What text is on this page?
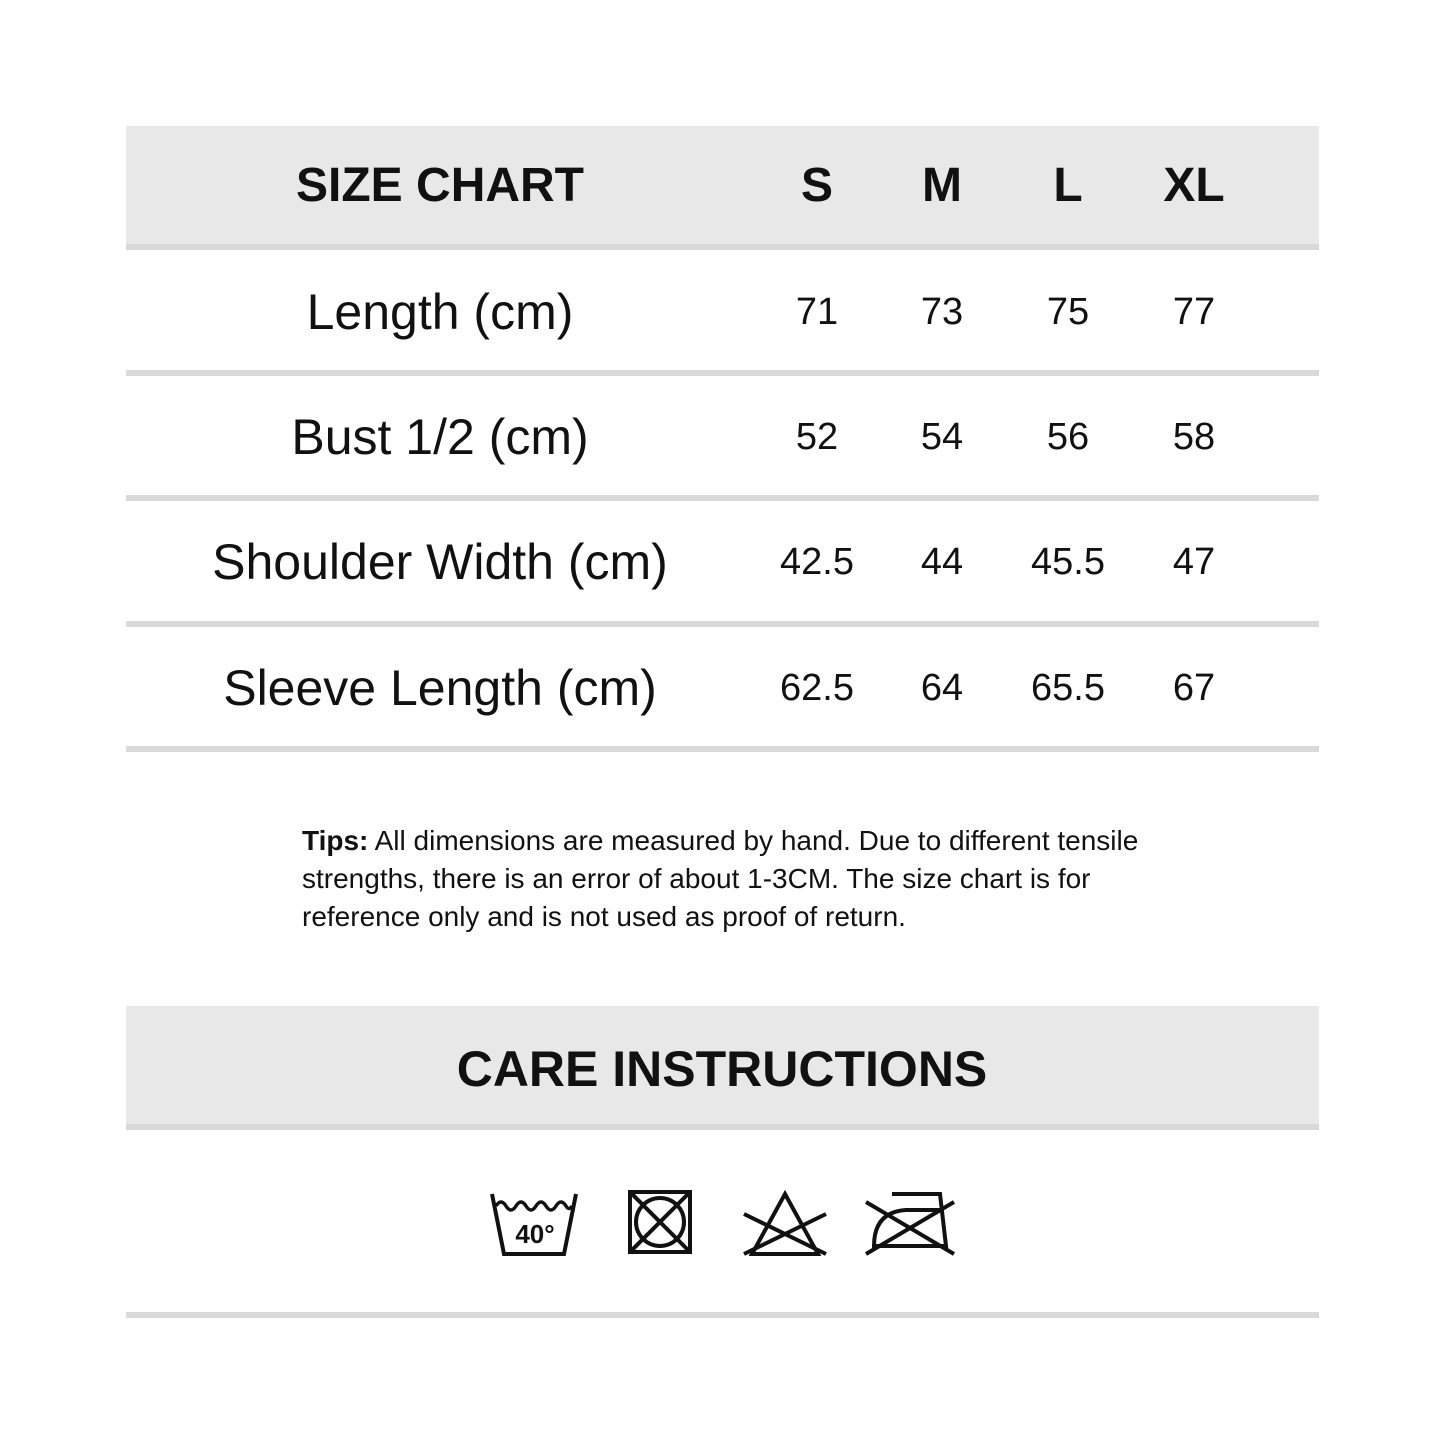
SIZE CHART	S M L XL
Length (cm)	71 73 75 77
Bust 1/2 (cm)	52 54 56 58
Shoulder Width (cm)	42.5 44 45.5 47
Sleeve Length (cm)	62.5 64 65.5 67
Tips: All dimensions are measured by hand. Due to different tensile strengths, there is an error of about 1-3CM. The size chart is for reference only and is not used as proof of return.
CARE INSTRUCTIONS
40°
